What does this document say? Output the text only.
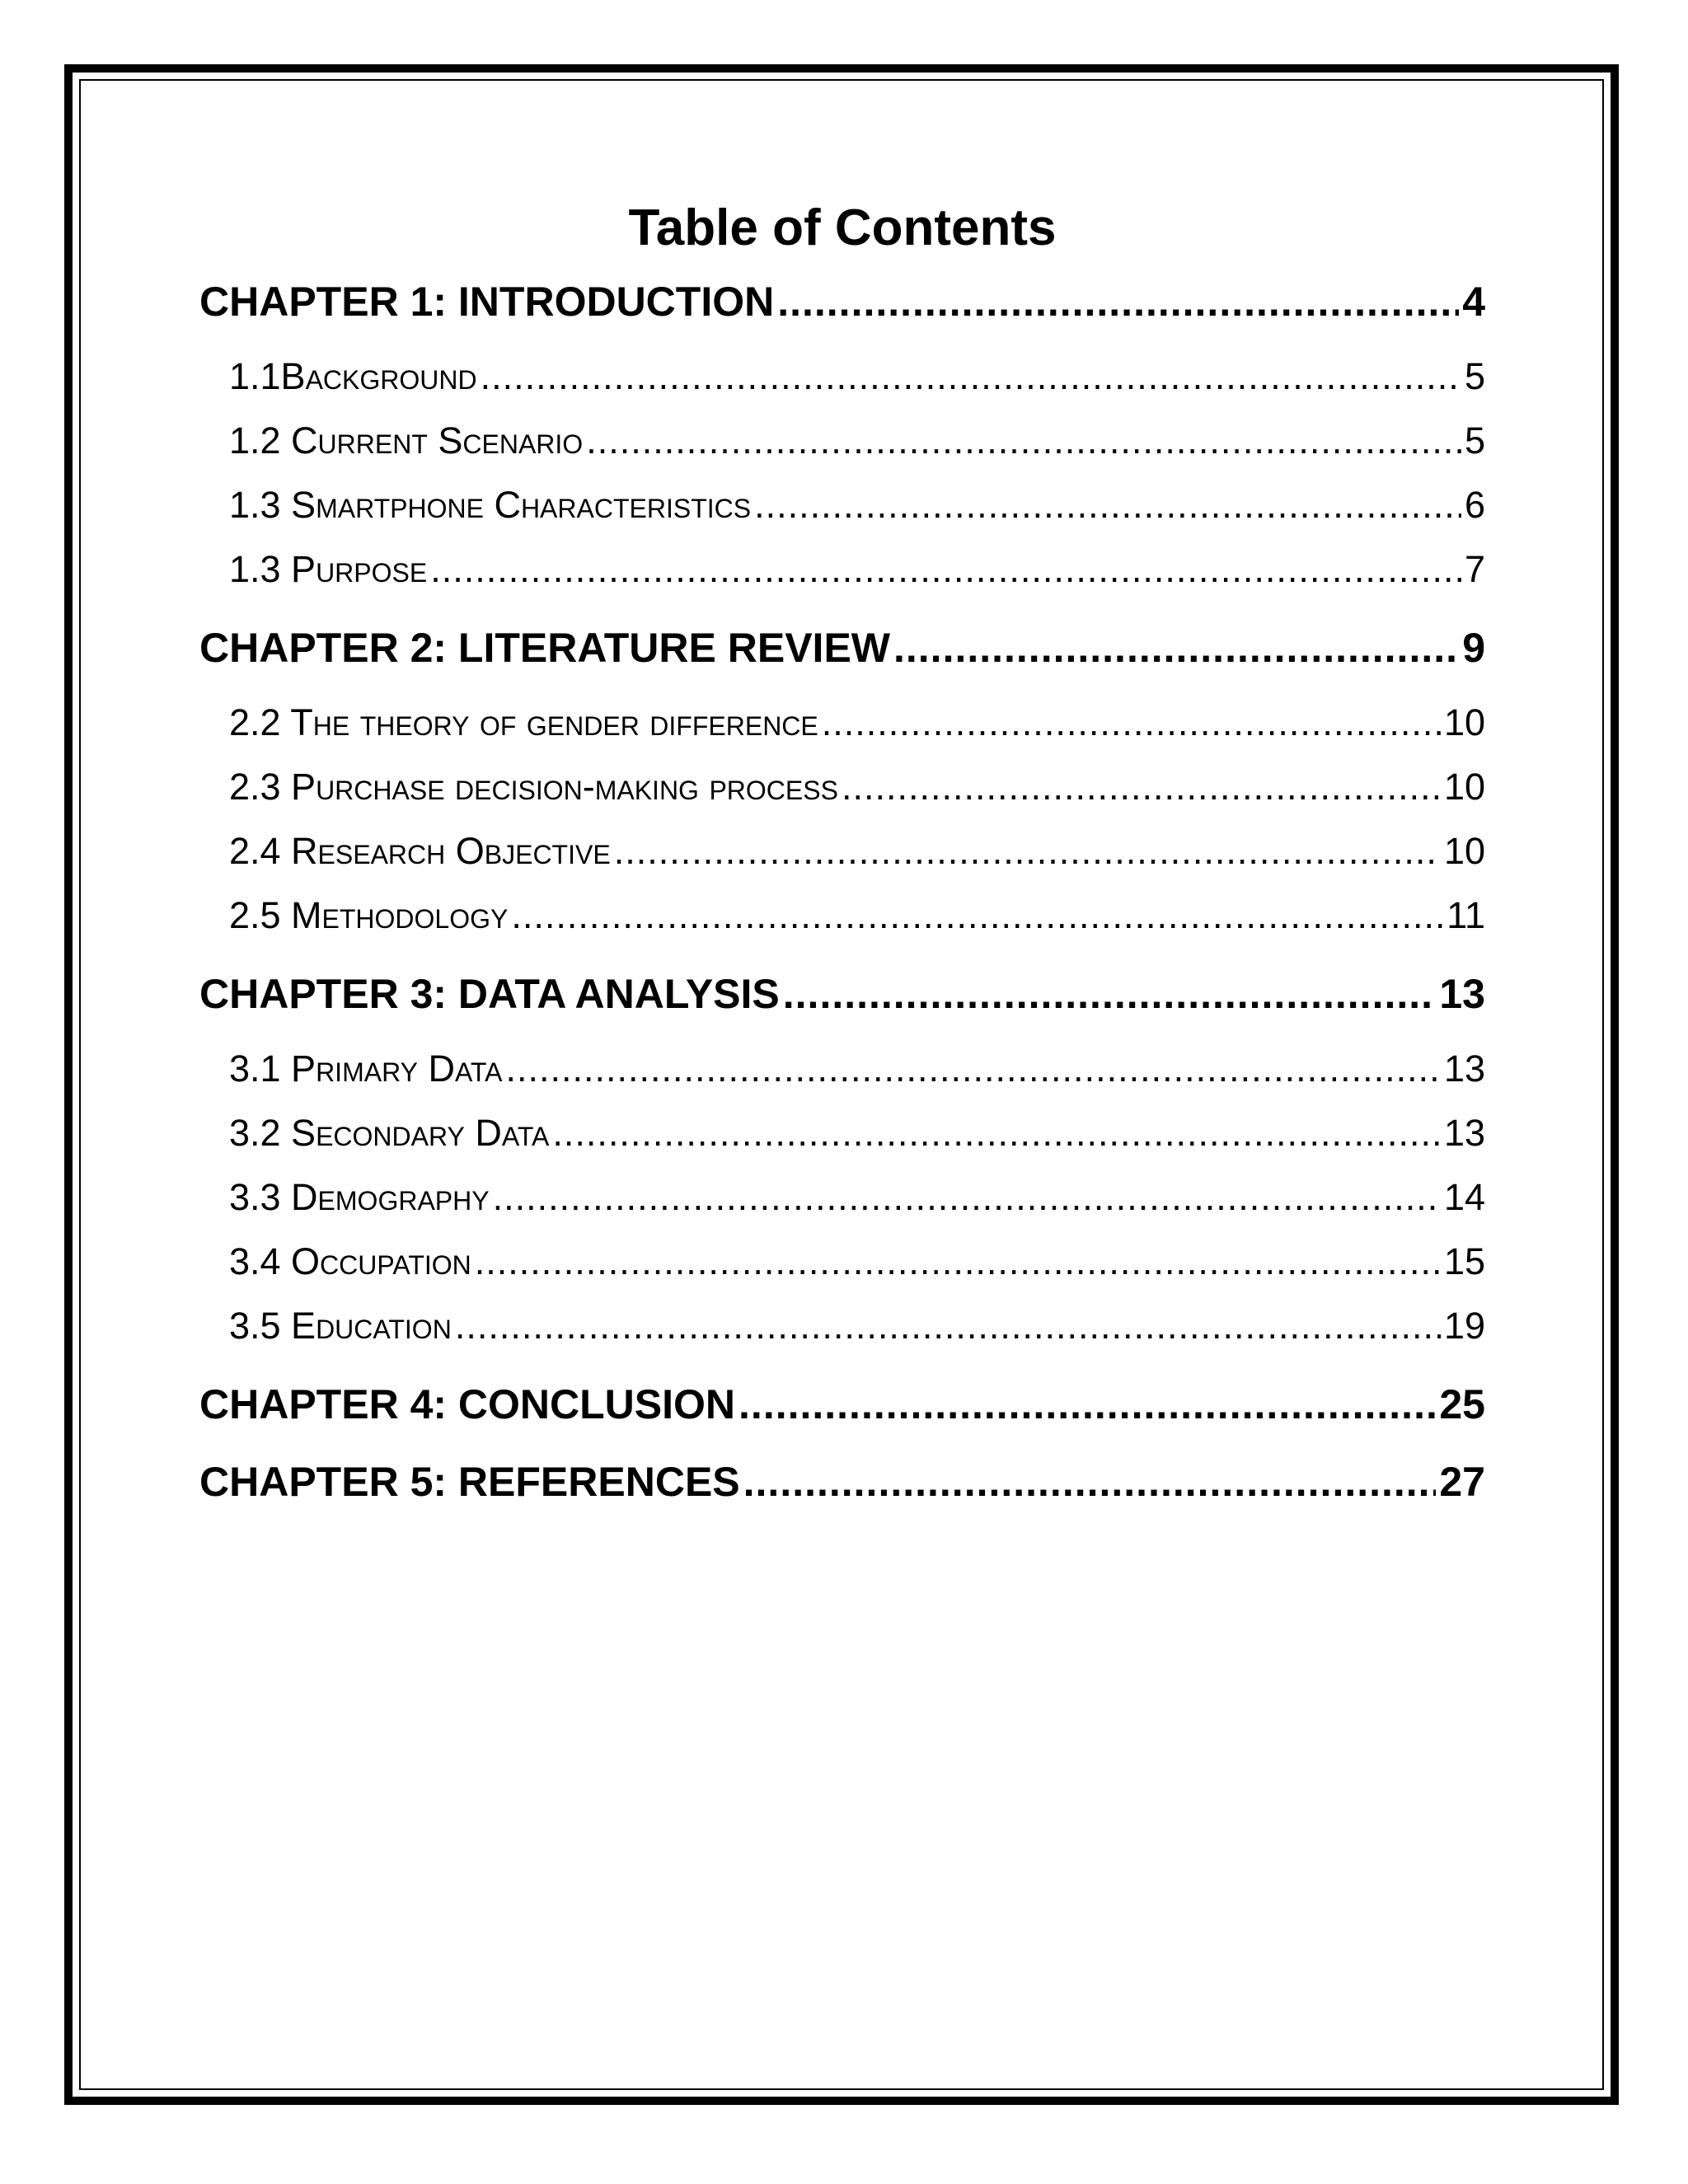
Table of Contents
CHAPTER 1: INTRODUCTION .....	4
1.1Background .....	5
1.2 Current Scenario .....	5
1.3 Smartphone Characteristics .....	6
1.3 Purpose .....	7
CHAPTER 2: LITERATURE REVIEW .....	9
2.2 The theory of gender difference .....	10
2.3 Purchase decision-making process .....	10
2.4 Research Objective .....	10
2.5 Methodology .....	11
CHAPTER 3: DATA ANALYSIS .....	13
3.1 Primary Data .....	13
3.2 Secondary Data .....	13
3.3 Demography .....	14
3.4 Occupation .....	15
3.5 Education .....	19
CHAPTER 4: CONCLUSION .....	25
CHAPTER 5: REFERENCES .....	27
